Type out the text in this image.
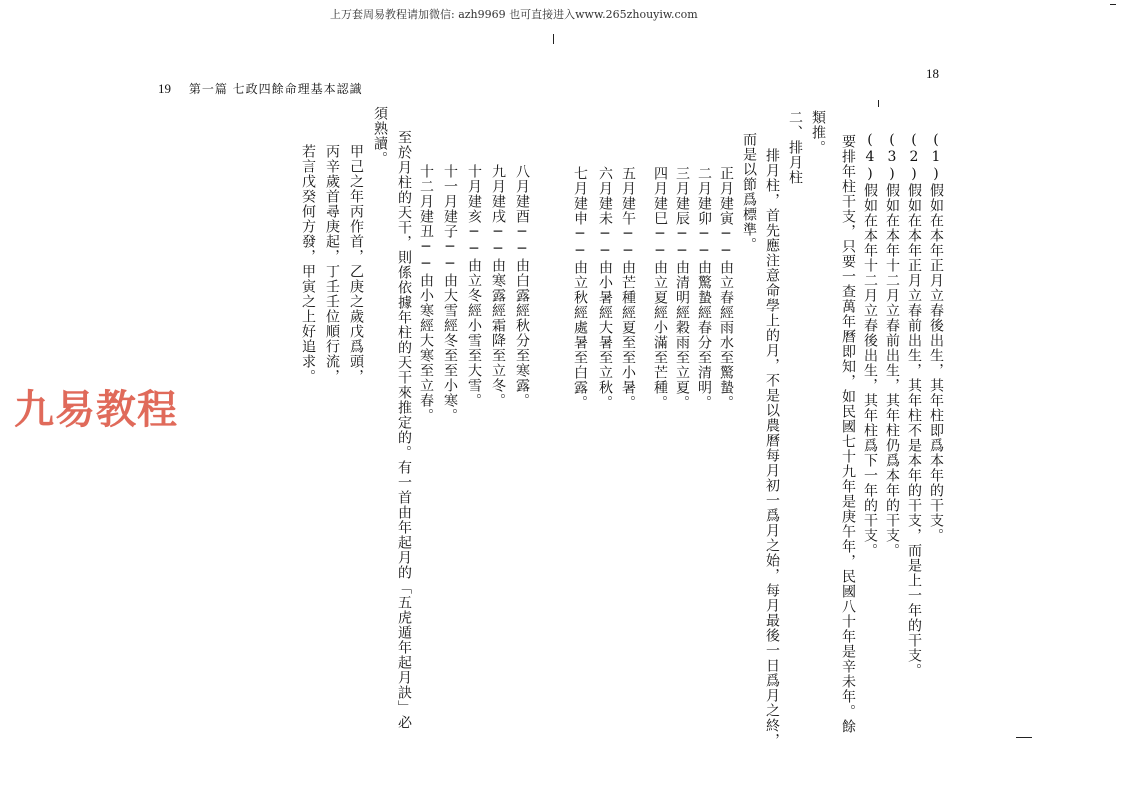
上万套周易教程请加微信: azh9969 也可直接进入www.265zhouyiw.com
19 第一篇 七政四餘命理基本認識
18
(1)假如在本年正月立春後出生，其年柱即爲本年的干支。
(2)假如在本年正月立春前出生，其年柱不是本年的干支，而是上一年的干支。
(3)假如在本年十二月立春前出生，其年柱仍爲本年的干支。
(4)假如在本年十二月立春後出生，其年柱爲下一年的干支。
要排年柱干支，只要一查萬年曆即知，如民國七十九年是庚午年，民國八十年是辛未年。餘
類推。
二、排月柱
排月柱，首先應注意命學上的月，不是以農曆每月初一爲月之始，每月最後一日爲月之終，
而是以節爲標準。
正月建寅──由立春經雨水至驚蟄。
二月建卯──由驚蟄經春分至清明。
三月建辰──由清明經穀雨至立夏。
四月建巳──由立夏經小滿至芒種。
五月建午──由芒種經夏至至小暑。
六月建未──由小暑經大暑至立秋。
七月建申──由立秋經處暑至白露。
八月建酉──由白露經秋分至寒露。
九月建戌──由寒露經霜降至立冬。
十月建亥──由立冬經小雪至大雪。
十一月建子──由大雪經冬至至小寒。
十二月建丑──由小寒經大寒至立春。
至於月柱的天干，則係依據年柱的天干來推定的。有一首由年起月的「五虎遁年起月訣」必
須熟讀。
甲己之年丙作首，乙庚之歲戊爲頭，
丙辛歲首尋庚起，丁壬壬位順行流，
若言戊癸何方發，甲寅之上好追求。
九易教程
